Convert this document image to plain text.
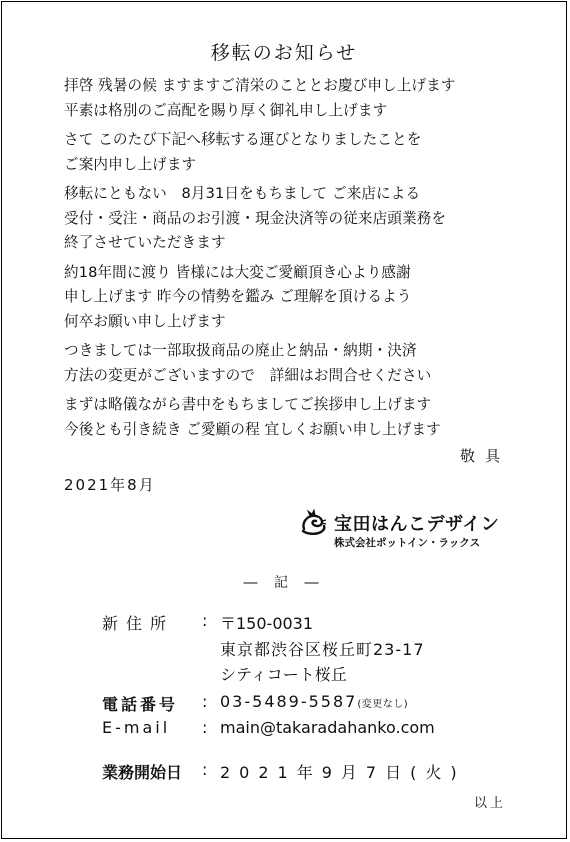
移転のお知らせ
拝啓 残暑の候 ますますご清栄のこととお慶び申し上げます
平素は格別のご高配を賜り厚く御礼申し上げます
さて このたび下記へ移転する運びとなりましたことを
ご案内申し上げます
移転にともない　8月31日をもちまして ご来店による
受付・受注・商品のお引渡・現金決済等の従来店頭業務を
終了させていただきます
約18年間に渡り 皆様には大変ご愛顧頂き心より感謝
申し上げます 昨今の情勢を鑑み ご理解を頂けるよう
何卒お願い申し上げます
つきましては一部取扱商品の廃止と納品・納期・決済
方法の変更がございますので　詳細はお問合せください
まずは略儀ながら書中をもちましてご挨拶申し上げます
今後とも引き続き ご愛顧の程 宜しくお願い申し上げます
敬具
2021年8月
宝田はんこデザイン
株式会社ポットイン・ラックス
― 記 ―
新住所	: 〒150-0031
東京都渋谷区桜丘町23-17
シティコート桜丘
電話番号	: 03-5489-5587(変更なし)
E-mail	: main@takaradahanko.com
業務開始日	: 2021年9月7日(火)
以上
